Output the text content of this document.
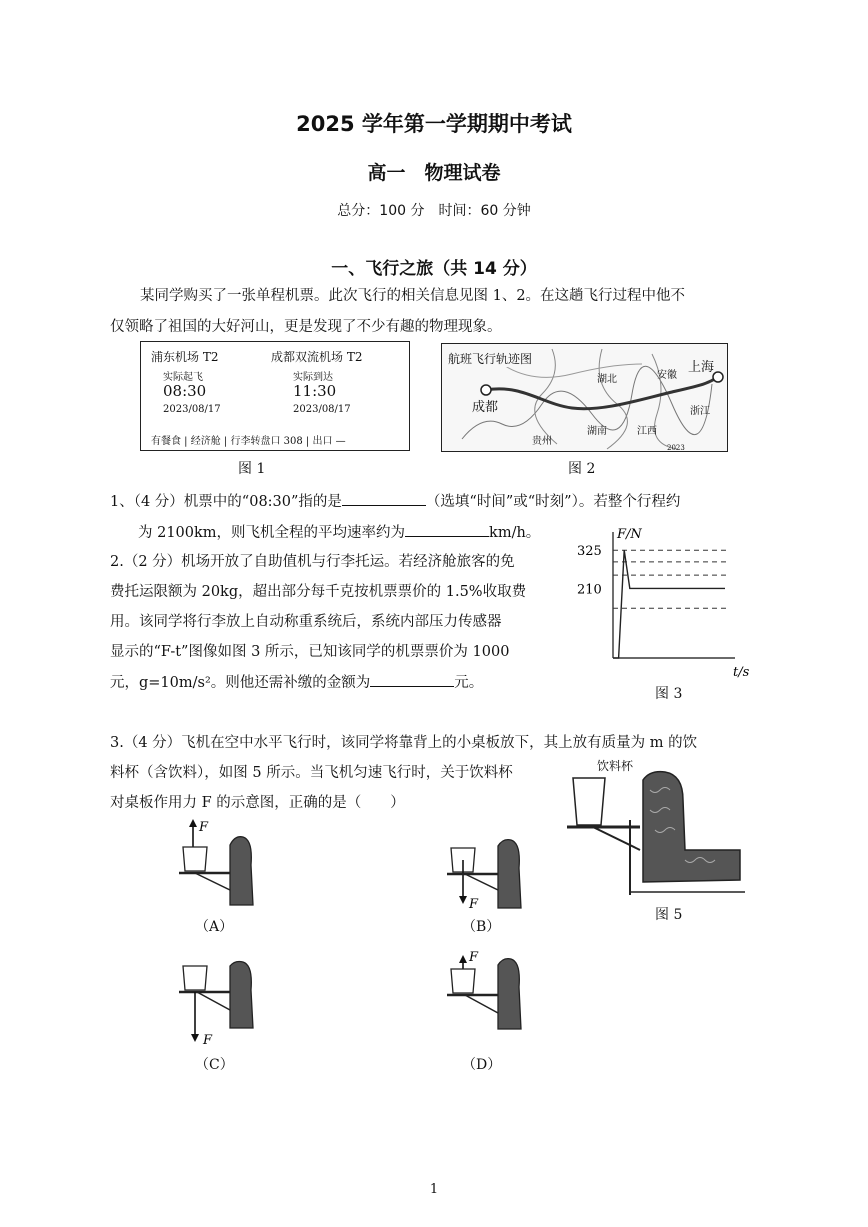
2025 学年第一学期期中考试
高一　物理试卷
总分：100 分　时间：60 分钟
一、飞行之旅（共 14 分）
某同学购买了一张单程机票。此次飞行的相关信息见图 1、2。在这趟飞行过程中他不
仅领略了祖国的大好河山，更是发现了不少有趣的物理现象。
浦东机场 T2	成都双流机场 T2
实际起飞
08:30
2023/08/17
实际到达
11:30
2023/08/17
有餐食 | 经济舱 | 行李转盘口 308 | 出口 —
图 1
航班飞行轨迹图
成都
上海
湖北	安徽
浙江
贵州
湖南	江西
2023
图 2
1、（4 分）机票中的“08:30”指的是	（选填“时间”或“时刻”）。若整个行程约
为 2100km，则飞机全程的平均速率约为	km/h。
2.（2 分）机场开放了自助值机与行李托运。若经济舱旅客的免
费托运限额为 20kg，超出部分每千克按机票票价的 1.5%收取费
用。该同学将行李放上自动称重系统后，系统内部压力传感器
显示的“F-t”图像如图 3 所示，已知该同学的机票票价为 1000
元，g=10m/s²。则他还需补缴的金额为	元。
F/N
210
325
t/s
图 3
3.（4 分）飞机在空中水平飞行时，该同学将靠背上的小桌板放下，其上放有质量为 m 的饮
料杯（含饮料），如图 5 所示。当飞机匀速飞行时，关于饮料杯
对桌板作用力 F 的示意图，正确的是（　　）
饮料杯
图 5
F
（A）
F
（B）
F
（C）
F
（D）
1
